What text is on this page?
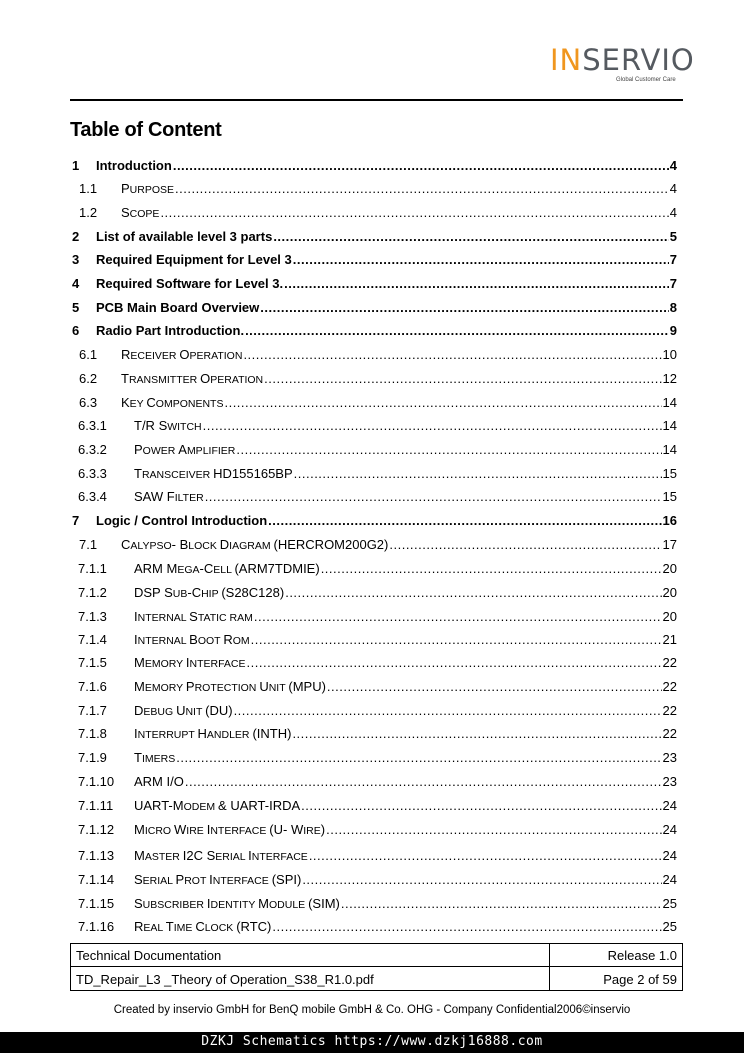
INSERVIO
Global Customer Care
Table of Content
1 Introduction .....	4
1.1 PURPOSE .....	4
1.2 SCOPE .....	4
2 List of available level 3 parts .....	5
3 Required Equipment for Level 3 .....	7
4 Required Software for Level 3. .....	7
5 PCB Main Board Overview .....	8
6 Radio Part Introduction. .....	9
6.1 RECEIVER OPERATION .....	10
6.2 TRANSMITTER OPERATION .....	12
6.3 KEY COMPONENTS .....	14
6.3.1 T/R SWITCH .....	14
6.3.2 POWER AMPLIFIER .....	14
6.3.3 TRANSCEIVER HD155165BP .....	15
6.3.4 SAW FILTER .....	15
7 Logic / Control Introduction .....	16
7.1 CALYPSO- BLOCK DIAGRAM (HERCROM200G2) .....	17
7.1.1 ARM MEGA-CELL (ARM7TDMIE) .....	20
7.1.2 DSP SUB-CHIP (S28C128) .....	20
7.1.3 INTERNAL STATIC RAM .....	20
7.1.4 INTERNAL BOOT ROM .....	21
7.1.5 MEMORY INTERFACE .....	22
7.1.6 MEMORY PROTECTION UNIT (MPU) .....	22
7.1.7 DEBUG UNIT (DU) .....	22
7.1.8 INTERRUPT HANDLER (INTH) .....	22
7.1.9 TIMERS .....	23
7.1.10 ARM I/O .....	23
7.1.11 UART-MODEM & UART-IRDA .....	24
7.1.12 MICRO WIRE INTERFACE (U- WIRE) .....	24
7.1.13 MASTER I2C SERIAL INTERFACE .....	24
7.1.14 SERIAL PROT INTERFACE (SPI) .....	24
7.1.15 SUBSCRIBER IDENTITY MODULE (SIM) .....	25
7.1.16 REAL TIME CLOCK (RTC) .....	25
Technical Documentation	Release 1.0
TD_Repair_L3 _Theory of Operation_S38_R1.0.pdf	Page 2 of 59
Created by inservio GmbH for BenQ mobile GmbH & Co. OHG - Company Confidential2006©inservio
DZKJ Schematics https://www.dzkj16888.com
